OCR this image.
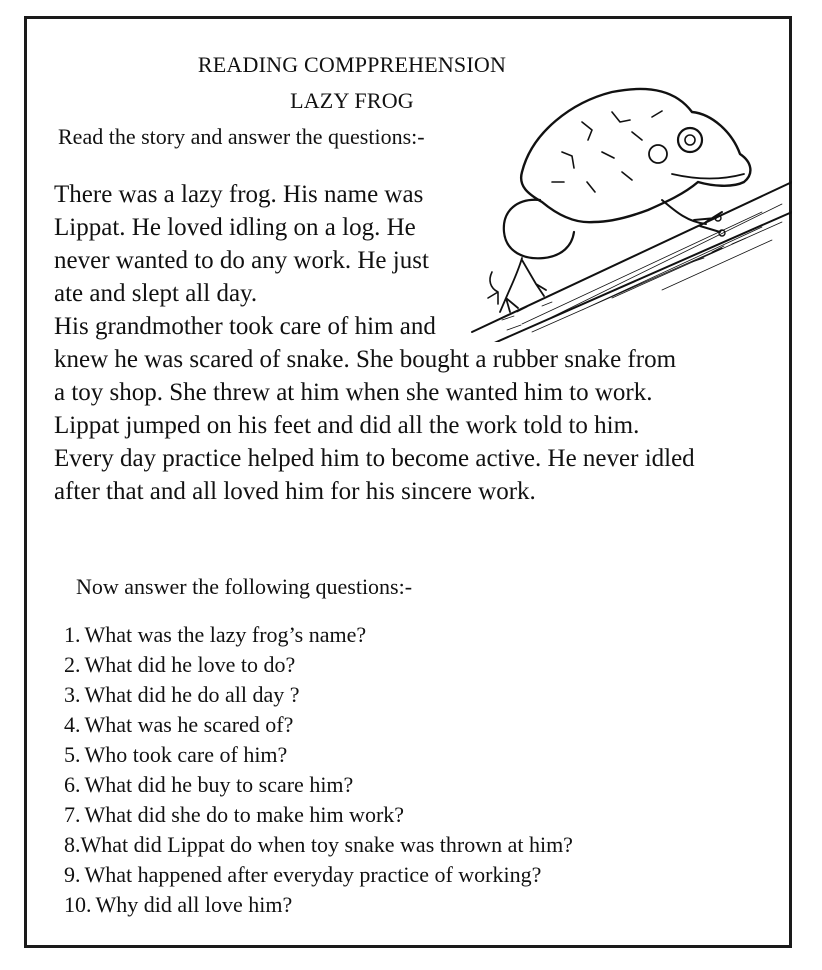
READING COMPPREHENSION
LAZY FROG
Read the story and answer the questions:-
There was a lazy frog. His name was
Lippat. He loved idling on a log. He
never wanted to do any work. He just
ate and slept all day.
His grandmother took care of him and
knew he was scared of snake. She bought a rubber snake from
a toy shop. She threw at him when she wanted him to work.
Lippat jumped on his feet and did all the work told to him.
Every day practice helped him to become active. He never idled
after that and all loved him for his sincere work.
Now answer the following questions:-
1. What was the lazy frog’s name?
2. What did he love to do?
3. What did he do all day ?
4. What was he scared of?
5. Who took care of him?
6. What did he buy to scare him?
7. What did she do to make him work?
8.What did Lippat do when toy snake was thrown at him?
9. What happened after everyday practice of working?
10. Why did all love him?
